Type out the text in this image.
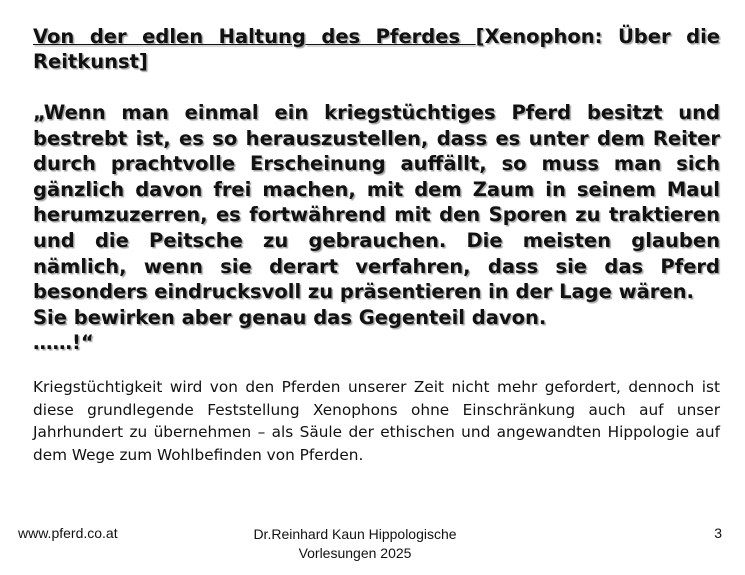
Von der edlen Haltung des Pferdes [Xenophon: Über die Reitkunst]

„Wenn man einmal ein kriegstüchtiges Pferd besitzt und bestrebt ist, es so herauszustellen, dass es unter dem Reiter durch prachtvolle Erscheinung auffällt, so muss man sich gänzlich davon frei machen, mit dem Zaum in seinem Maul herumzuzerren, es fortwährend mit den Sporen zu traktieren und die Peitsche zu gebrauchen. Die meisten glauben nämlich, wenn sie derart verfahren, dass sie das Pferd besonders eindrucksvoll zu präsentieren in der Lage wären.
Sie bewirken aber genau das Gegenteil davon.
……!“

Kriegstüchtigkeit wird von den Pferden unserer Zeit nicht mehr gefordert, dennoch ist diese grundlegende Feststellung Xenophons ohne Einschränkung auch auf unser Jahrhundert zu übernehmen – als Säule der ethischen und angewandten Hippologie auf dem Wege zum Wohlbefinden von Pferden.

www.pferd.co.at	Dr.Reinhard Kaun Hippologische
Vorlesungen 2025
3
